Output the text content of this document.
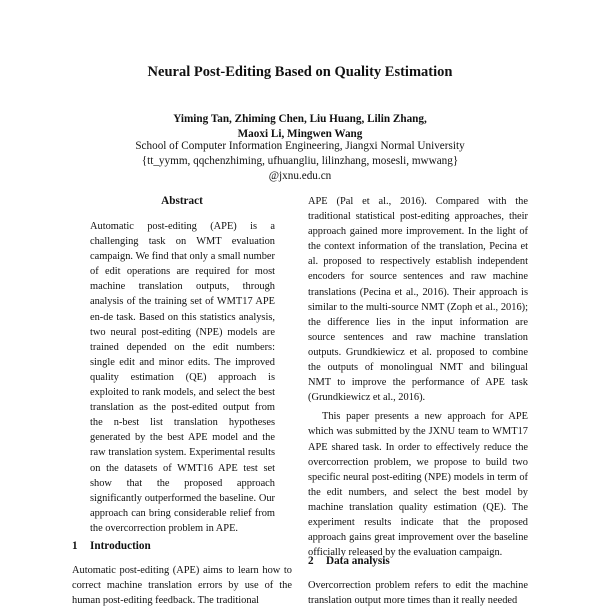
Neural Post-Editing Based on Quality Estimation
Yiming Tan, Zhiming Chen, Liu Huang, Lilin Zhang,
Maoxi Li, Mingwen Wang
School of Computer Information Engineering, Jiangxi Normal University
{tt_yymm, qqchenzhiming, ufhuangliu, lilinzhang, mosesli, mwwang}
@jxnu.edu.cn
Abstract

Automatic post-editing (APE) is a challenging task on WMT evaluation campaign. We find that only a small number of edit operations are required for most machine translation outputs, through analysis of the training set of WMT17 APE en-de task. Based on this statistics analysis, two neural post-editing (NPE) models are trained depended on the edit numbers: single edit and minor edits. The improved quality estimation (QE) approach is exploited to rank models, and select the best translation as the post-edited output from the n-best list translation hypotheses generated by the best APE model and the raw translation system. Experimental results on the datasets of WMT16 APE test set show that the proposed approach significantly outperformed the baseline. Our approach can bring considerable relief from the overcorrection problem in APE.

1 Introduction

Automatic post-editing (APE) aims to learn how to correct machine translation errors by use of the human post-editing feedback. The traditional

APE (Pal et al., 2016). Compared with the traditional statistical post-editing approaches, their approach gained more improvement. In the light of the context information of the translation, Pecina et al. proposed to respectively establish independent encoders for source sentences and raw machine translations (Pecina et al., 2016). Their approach is similar to the multi-source NMT (Zoph et al., 2016); the difference lies in the input information are source sentences and raw machine translation outputs. Grundkiewicz et al. proposed to combine the outputs of monolingual NMT and bilingual NMT to improve the performance of APE task (Grundkiewicz et al., 2016).

This paper presents a new approach for APE which was submitted by the JXNU team to WMT17 APE shared task. In order to effectively reduce the overcorrection problem, we propose to build two specific neural post-editing (NPE) models in term of the edit numbers, and select the best model by machine translation quality estimation (QE). The experiment results indicate that the proposed approach gains great improvement over the baseline officially released by the evaluation campaign.

2 Data analysis

Overcorrection problem refers to edit the machine translation output more times than it really needed
